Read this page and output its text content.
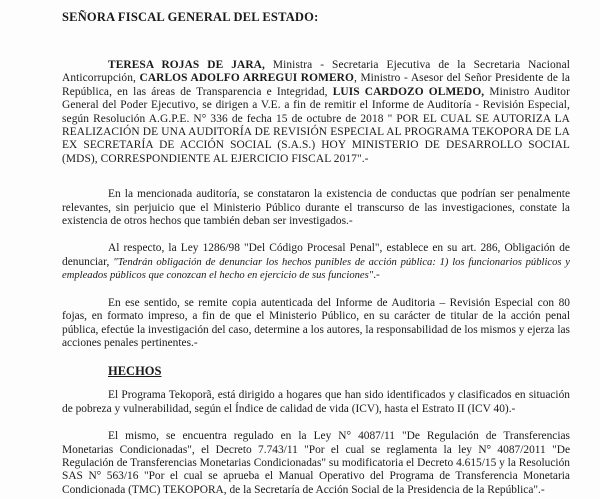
SEÑORA FISCAL GENERAL DEL ESTADO:

TERESA ROJAS DE JARA, Ministra - Secretaria Ejecutiva de la Secretaria Nacional Anticorrupción, CARLOS ADOLFO ARREGUI ROMERO, Ministro - Asesor del Señor Presidente de la República, en las áreas de Transparencia e Integridad, LUIS CARDOZO OLMEDO, Ministro Auditor General del Poder Ejecutivo, se dirigen a V.E. a fin de remitir el Informe de Auditoría - Revisión Especial, según Resolución A.G.P.E. N° 336 de fecha 15 de octubre de 2018 " POR EL CUAL SE AUTORIZA LA REALIZACIÓN DE UNA AUDITORÍA DE REVISIÓN ESPECIAL AL PROGRAMA TEKOPORA DE LA EX SECRETARÍA DE ACCIÓN SOCIAL (S.A.S.) HOY MINISTERIO DE DESARROLLO SOCIAL (MDS), CORRESPONDIENTE AL EJERCICIO FISCAL 2017".-

En la mencionada auditoría, se constataron la existencia de conductas que podrían ser penalmente relevantes, sin perjuicio que el Ministerio Público durante el transcurso de las investigaciones, constate la existencia de otros hechos que también deban ser investigados.-

Al respecto, la Ley 1286/98 "Del Código Procesal Penal", establece en su art. 286, Obligación de denunciar, "Tendrán obligación de denunciar los hechos punibles de acción pública: 1) los funcionarios públicos y empleados públicos que conozcan el hecho en ejercicio de sus funciones".-

En ese sentido, se remite copia autenticada del Informe de Auditoria – Revisión Especial con 80 fojas, en formato impreso, a fin de que el Ministerio Público, en su carácter de titular de la acción penal pública, efectúe la investigación del caso, determine a los autores, la responsabilidad de los mismos y ejerza las acciones penales pertinentes.-

HECHOS

El Programa Tekoporã, está dirigido a hogares que han sido identificados y clasificados en situación de pobreza y vulnerabilidad, según el Índice de calidad de vida (ICV), hasta el Estrato II (ICV 40).-

El mismo, se encuentra regulado en la Ley N° 4087/11 "De Regulación de Transferencias Monetarias Condicionadas", el Decreto 7.743/11 "Por el cual se reglamenta la ley N° 4087/2011 "De Regulación de Transferencias Monetarias Condicionadas" su modificatoria el Decreto 4.615/15 y la Resolución SAS N° 563/16 "Por el cual se aprueba el Manual Operativo del Programa de Transferencia Monetaria Condicionada (TMC) TEKOPORA, de la Secretaría de Acción Social de la Presidencia de la República".-
